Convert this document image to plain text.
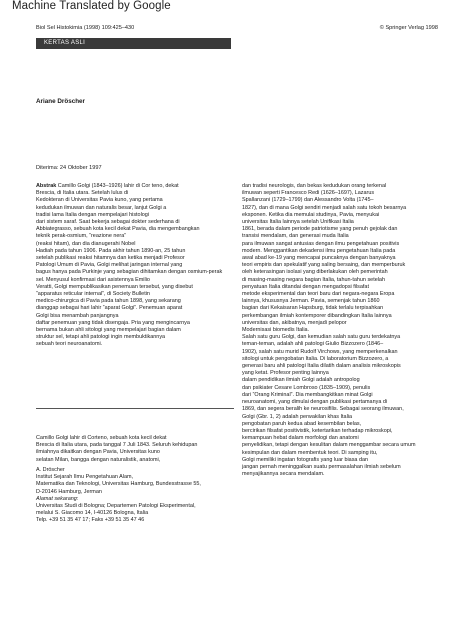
Machine Translated by Google
Biol Sel Histokimia (1998) 109:425–430	© Springer Verlag 1998
KERTAS ASLI
Ariane Dröscher
Diterima: 24 Oktober 1997

Abstrak Camillo Golgi (1843–1926) lahir di Cor teno, dekat

Brescia, di Italia utara. Setelah lulus di

Kedokteran di Universitas Pavia kuno, yang pertama

kedudukan ilmuwan dan naturalis besar, lanjut Golgi a

tradisi lama Italia dengan mempelajari histologi

dari sistem saraf. Saat bekerja sebagai dokter sederhana di

Abbiategrasso, sebuah kota kecil dekat Pavia, dia mengembangkan

teknik perak-osmium, “reazione nera”

(reaksi hitam), dan dia dianugerahi Nobel

Hadiah pada tahun 1906. Pada akhir tahun 1890-an, 25 tahun

setelah publikasi reaksi hitamnya dan ketika menjadi Profesor

Patologi Umum di Pavia, Golgi melihat jaringan internal yang

bagus hanya pada Purkinje yang sebagian dihitamkan dengan osmium-perak

sel. Menyusul konfirmasi dari asistennya Emilio

Veratti, Golgi mempublikasikan penemuan tersebut, yang disebut

“apparatus reticular internal”, di Society Bulletin

medico-chirurgica di Pavia pada tahun 1898, yang sekarang

dianggap sebagai hari lahir “aparat Golgi”. Penemuan aparat

Golgi bisa menambah panjangnya

daftar penemuan yang tidak disengaja. Pria yang mengincarnya

bernama bukan ahli sitologi yang mempelajari bagian dalam

struktur sel, tetapi ahli patologi ingin membuktikannya

sebuah teori neuroanatomi.

dan tradisi neurologis, dan bekas kedudukan orang terkenal

ilmuwan seperti Francesco Redi (1626–1697), Lazarus

Spallanzani (1729–1799) dan Alessandro Volta (1745–

1827), dan di mana Golgi sendiri menjadi salah satu tokoh besarnya

eksponen. Ketika dia memulai studinya, Pavia, menyukai

universitas Italia lainnya setelah Unifikasi Italia

1861, berada dalam periode patriotisme yang penuh gejolak dan

transisi mendalam, dan generasi muda Italia

para ilmuwan sangat antusias dengan ilmu pengetahuan positivis

modern. Menggantikan dekadensi ilmu pengetahuan Italia pada

awal abad ke-19 yang mencapai puncaknya dengan banyaknya

teori empiris dan spekulatif yang saling bersaing, dan memperburuk

oleh keterasingan isolasi yang diberlakukan oleh pemerintah

di masing-masing negara bagian Italia, tahun-tahun setelah

penyatuan Italia ditandai dengan mengadopsi filsafat

metode eksperimental dan teori baru dari negara-negara Eropa

lainnya, khususnya Jerman. Pavia, semenjak tahun 1860

bagian dari Kekaisaran Hapsburg, tidak terlalu terpisahkan

perkembangan ilmiah kontemporer dibandingkan Italia lainnya

universitas dan, akibatnya, menjadi pelopor

Modernisasi biomedis Italia.

Salah satu guru Golgi, dan kemudian salah satu guru terdekatnya

teman-teman, adalah ahli patologi Giulio Bizzozero (1846–

1902), salah satu murid Rudolf Virchows, yang memperkenalkan

sitologi untuk pengobatan Italia. Di laboratorium Bizzozero, a

generasi baru ahli patologi Italia dilatih dalam analisis mikroskopis

yang ketat. Profesor penting lainnya

dalam pendidikan ilmiah Golgi adalah antropolog

dan psikiater Cesare Lombroso (1835–1909), penulis

dari “Orang Kriminal”. Dia membangkitkan minat Golgi

neuroanatomi, yang dimulai dengan publikasi pertamanya di

1869, dan segera beralih ke neurosifilis. Sebagai seorang ilmuwan,

Golgi (Gbr. 1, 2) adalah perwakilan khas Italia

pengobatan paruh kedua abad kesembilan belas,

bercirikan filsafat positivistik, ketertarikan terhadap mikroskopi,

kemampuan hebat dalam morfologi dan anatomi

penyelidikan, tetapi dengan kesulitan dalam menggambar secara umum

kesimpulan dan dalam membentuk teori. Di samping itu,

Golgi memiliki ingatan fotografis yang luar biasa dan

jangan pernah meninggalkan suatu permasalahan ilmiah sebelum

menyajikannya secara mendalam.

Camillo Golgi lahir di Corteno, sebuah kota kecil dekat

Brescia di Italia utara, pada tanggal 7 Juli 1843. Seluruh kehidupan

ilmiahnya dikaitkan dengan Pavia, Universitas kuno

selatan Milan, bangga dengan naturalistik, anatomi,

A. Dröscher

Institut Sejarah Ilmu Pengetahuan Alam,

Matematika dan Teknologi, Universitas Hamburg, Bundesstrasse 55,

D-20146 Hamburg, Jerman

Alamat sekarang:

Universitas Studi di Bologna; Departemen Patologi Eksperimental,

melalui S. Giacomo 14, I-40126 Bologna, Italia

Telp. +39 51 35 47 17; Faks +39 51 35 47 46
